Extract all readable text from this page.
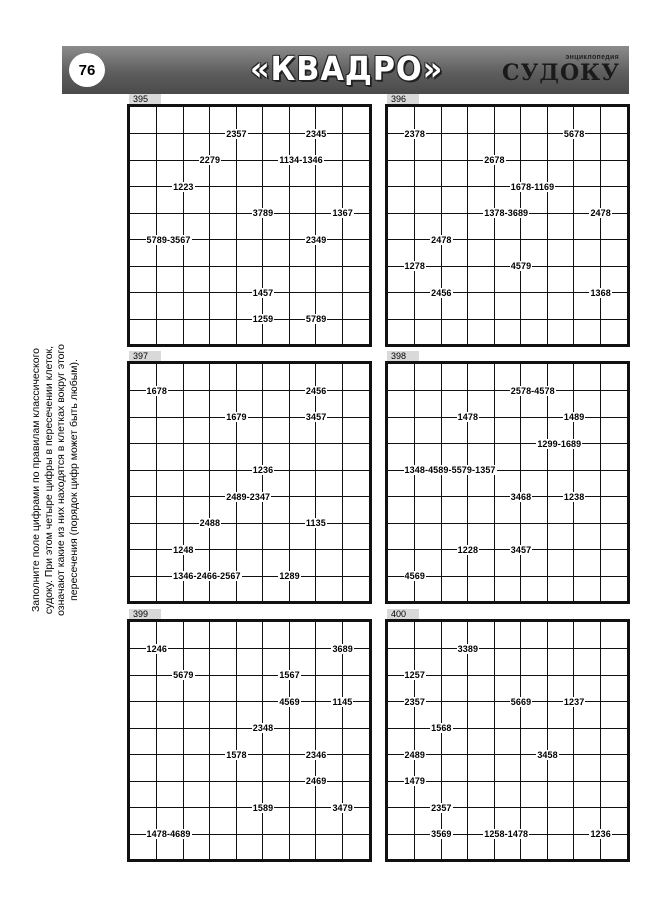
76	«КВАДРО»	энциклопедия
СУДОКУ
Заполните поле цифрами по правилам классического судоку. При этом четыре цифры в пересечении клеток, означают какие из них находятся в клетках вокруг этого пересечения (порядок цифр может быть любым).
395
2357	2345
2279	1134-1346
1223
3789	1367
5789-3567	2349
1457
1259	5789
396
2378	5678
2678
1678-1169
1378-3689	2478
2478
1278	4579
2456	1368
397
1678	2456
1679	3457
1236
2489-2347
2488	1135
1248
1346-2466-2567	1289
398
2578-4578
1478	1489
1299-1689
1348-4589-5579-1357
3468	1238
1228	3457
4569
399
1246	3689
5679	1567
4569	1145
2348
1578	2346
2469
1589	3479
1478-4689
400
3389
1257
2357	5669	1237
1568
2489	3458
1479
2357
3569	1258-1478	1236
